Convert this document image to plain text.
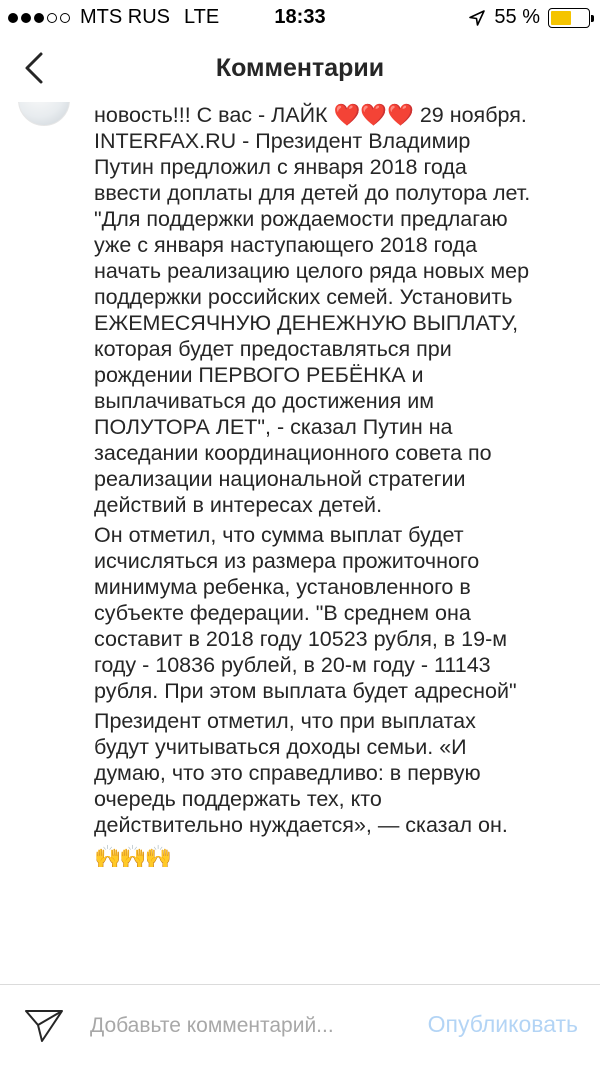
MTS RUS LTE	18:33	55 %
Комментарии

новость!!! С вас - ЛАЙК ❤️❤️❤️ 29 ноября. INTERFAX.RU - Президент Владимир Путин предложил с января 2018 года ввести доплаты для детей до полутора лет. "Для поддержки рождаемости предлагаю уже с января наступающего 2018 года начать реализацию целого ряда новых мер поддержки российских семей. Установить ЕЖЕМЕСЯЧНУЮ ДЕНЕЖНУЮ ВЫПЛАТУ, которая будет предоставляться при рождении ПЕРВОГО РЕБЁНКА и выплачиваться до достижения им ПОЛУТОРА ЛЕТ", - сказал Путин на заседании координационного совета по реализации национальной стратегии действий в интересах детей.

Он отметил, что сумма выплат будет исчисляться из размера прожиточного минимума ребенка, установленного в субъекте федерации. "В среднем она составит в 2018 году 10523 рубля, в 19-м году - 10836 рублей, в 20-м году - 11143 рубля. При этом выплата будет адресной"

Президент отметил, что при выплатах будут учитываться доходы семьи. «И думаю, что это справедливо: в первую очередь поддержать тех, кто действительно нуждается», — сказал он.

🙌🙌🙌
Добавьте комментарий...
Опубликовать
